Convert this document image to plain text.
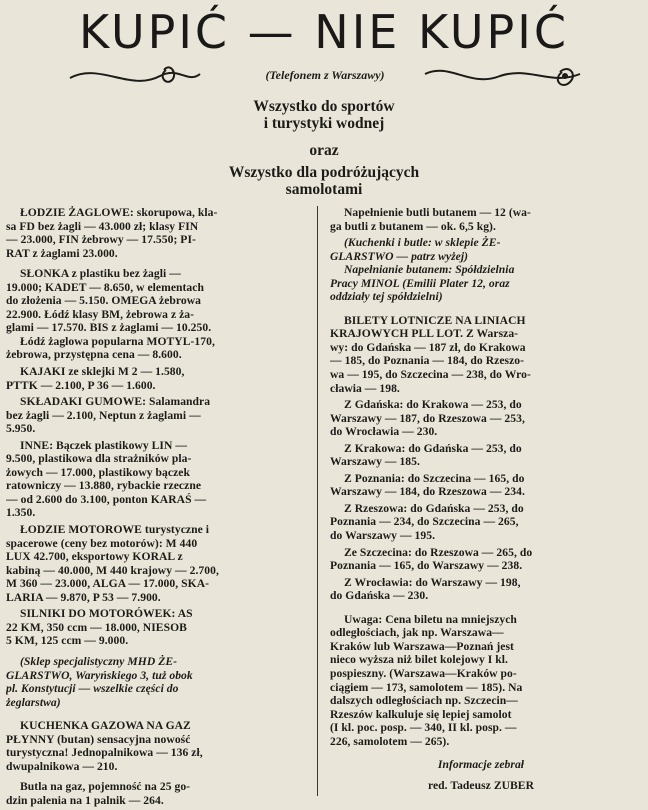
KUPIĆ — NIE KUPIĆ
(Telefonem z Warszawy)
Wszystko do sportów
i turystyki wodnej
oraz
Wszystko dla podróżujących
samolotami
ŁODZIE ŻAGLOWE: skorupowa, kla-
sa FD bez żagli — 43.000 zł; klasy FIN
— 23.000, FIN żebrowy — 17.550; PI-
RAT z żaglami 23.000.
SŁONKA z plastiku bez żagli —
19.000; KADET — 8.650, w elementach
do złożenia — 5.150. OMEGA żebrowa
22.900. Łódź klasy BM, żebrowa z ża-
glami — 17.570. BIS z żaglami — 10.250.
Łódź żaglowa popularna MOTYL-170,
żebrowa, przystępna cena — 8.600.
KAJAKI ze sklejki M 2 — 1.580,
PTTK — 2.100, P 36 — 1.600.
SKŁADAKI GUMOWE: Salamandra
bez żagli — 2.100, Neptun z żaglami —
5.950.
INNE: Bączek plastikowy LIN —
9.500, plastikowa dla strażników pla-
żowych — 17.000, plastikowy bączek
ratowniczy — 13.880, rybackie rzeczne
— od 2.600 do 3.100, ponton KARAŚ —
1.350.
ŁODZIE MOTOROWE turystyczne i
spacerowe (ceny bez motorów): M 440
LUX 42.700, eksportowy KORAL z
kabiną — 40.000, M 440 krajowy — 2.700,
M 360 — 23.000, ALGA — 17.000, SKA-
LARIA — 9.870, P 53 — 7.900.
SILNIKI DO MOTORÓWEK: AS
22 KM, 350 ccm — 18.000, NIESOB
5 KM, 125 ccm — 9.000.
(Sklep specjalistyczny MHD ŻE-
GLARSTWO, Waryńskiego 3, tuż obok
pl. Konstytucji — wszelkie części do
żeglarstwa)
KUCHENKA GAZOWA NA GAZ
PŁYNNY (butan) sensacyjna nowość
turystyczna! Jednopalnikowa — 136 zł,
dwupalnikowa — 210.
Butla na gaz, pojemność na 25 go-
dzin palenia na 1 palnik — 264.
Napełnienie butli butanem — 12 (wa-
ga butli z butanem — ok. 6,5 kg).
(Kuchenki i butle: w sklepie ŻE-
GLARSTWO — patrz wyżej)
Napełnianie butanem: Spółdzielnia
Pracy MINOL (Emilii Plater 12, oraz
oddziały tej spółdzielni)
BILETY LOTNICZE NA LINIACH
KRAJOWYCH PLL LOT. Z Warsza-
wy: do Gdańska — 187 zł, do Krakowa
— 185, do Poznania — 184, do Rzeszo-
wa — 195, do Szczecina — 238, do Wro-
cławia — 198.
Z Gdańska: do Krakowa — 253, do
Warszawy — 187, do Rzeszowa — 253,
do Wrocławia — 230.
Z Krakowa: do Gdańska — 253, do
Warszawy — 185.
Z Poznania: do Szczecina — 165, do
Warszawy — 184, do Rzeszowa — 234.
Z Rzeszowa: do Gdańska — 253, do
Poznania — 234, do Szczecina — 265,
do Warszawy — 195.
Ze Szczecina: do Rzeszowa — 265, do
Poznania — 165, do Warszawy — 238.
Z Wrocławia: do Warszawy — 198,
do Gdańska — 230.
Uwaga: Cena biletu na mniejszych
odległościach, jak np. Warszawa—
Kraków lub Warszawa—Poznań jest
nieco wyższa niż bilet kolejowy I kl.
pospieszny. (Warszawa—Kraków po-
ciągiem — 173, samolotem — 185). Na
dalszych odległościach np. Szczecin—
Rzeszów kalkuluje się lepiej samolot
(I kl. poc. posp. — 340, II kl. posp. —
226, samolotem — 265).
Informacje zebrał
red. Tadeusz ZUBER
